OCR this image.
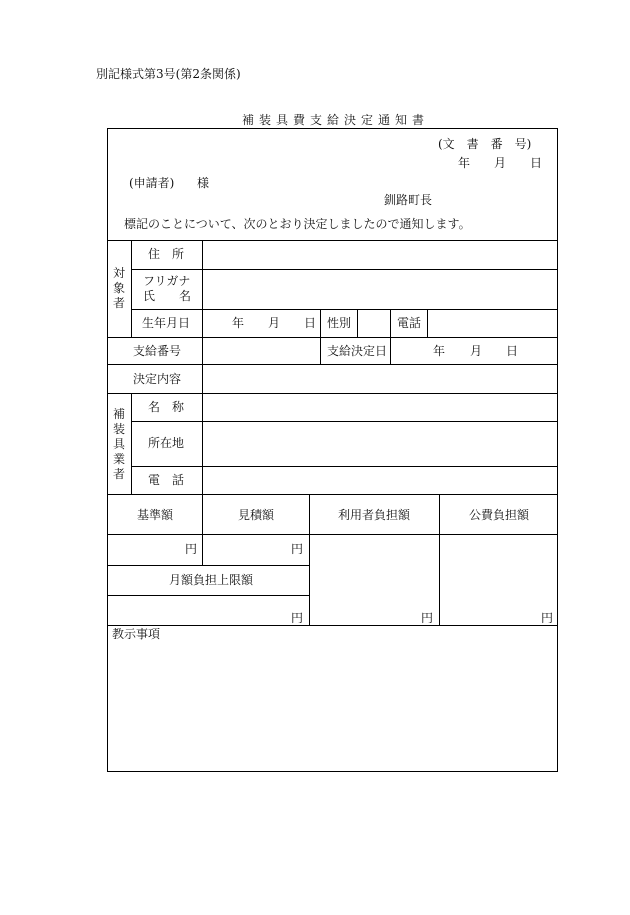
別記様式第3号(第2条関係)
補装具費支給決定通知書
(文　書　番　号)
年 月 日
(申請者) 様
釧路町長
標記のことについて、次のとおり決定しましたので通知します。
対
象
者
住　所
フリガナ
氏　　名
生年月日	年 月 日 性別	電話
支給番号	支給決定日	年 月 日
決定内容
補
装
具
業
者
名　称
所在地
電　話
基準額	見積額	利用者負担額	公費負担額
円	円
月額負担上限額
円	円	円
教示事項
